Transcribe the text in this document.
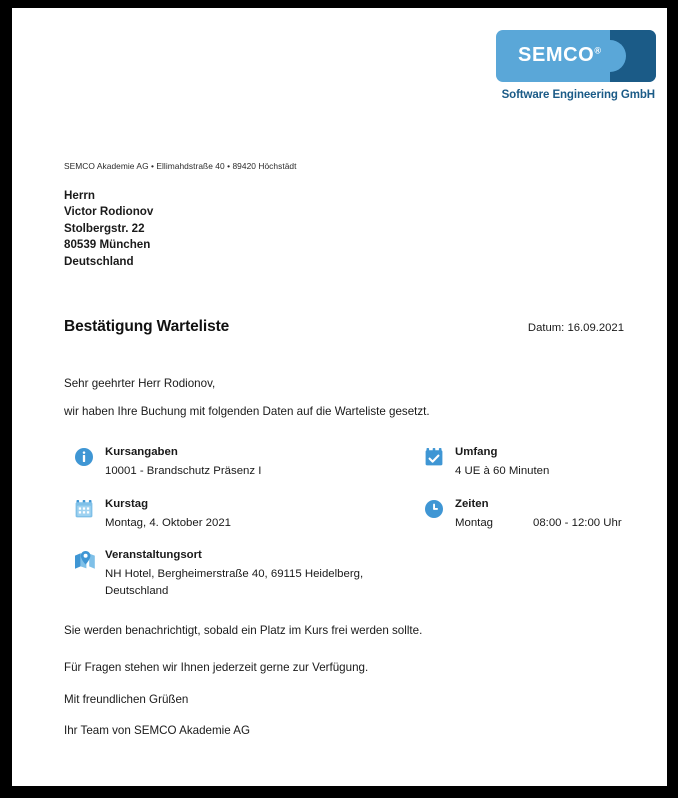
SEMCO®
Software Engineering GmbH
SEMCO Akademie AG • Ellimahdstraße 40 • 89420 Höchstädt
Herrn
Victor Rodionov
Stolbergstr. 22
80539 München
Deutschland
Bestätigung Warteliste	Datum: 16.09.2021
Sehr geehrter Herr Rodionov,
wir haben Ihre Buchung mit folgenden Daten auf die Warteliste gesetzt.
Kursangaben
10001 - Brandschutz Präsenz I
Umfang
4 UE à 60 Minuten
Kurstag
Montag, 4. Oktober 2021
Zeiten
Montag	08:00 - 12:00 Uhr
Veranstaltungsort
NH Hotel, Bergheimerstraße 40, 69115 Heidelberg,
Deutschland

Sie werden benachrichtigt, sobald ein Platz im Kurs frei werden sollte.

Für Fragen stehen wir Ihnen jederzeit gerne zur Verfügung.

Mit freundlichen Grüßen

Ihr Team von SEMCO Akademie AG
